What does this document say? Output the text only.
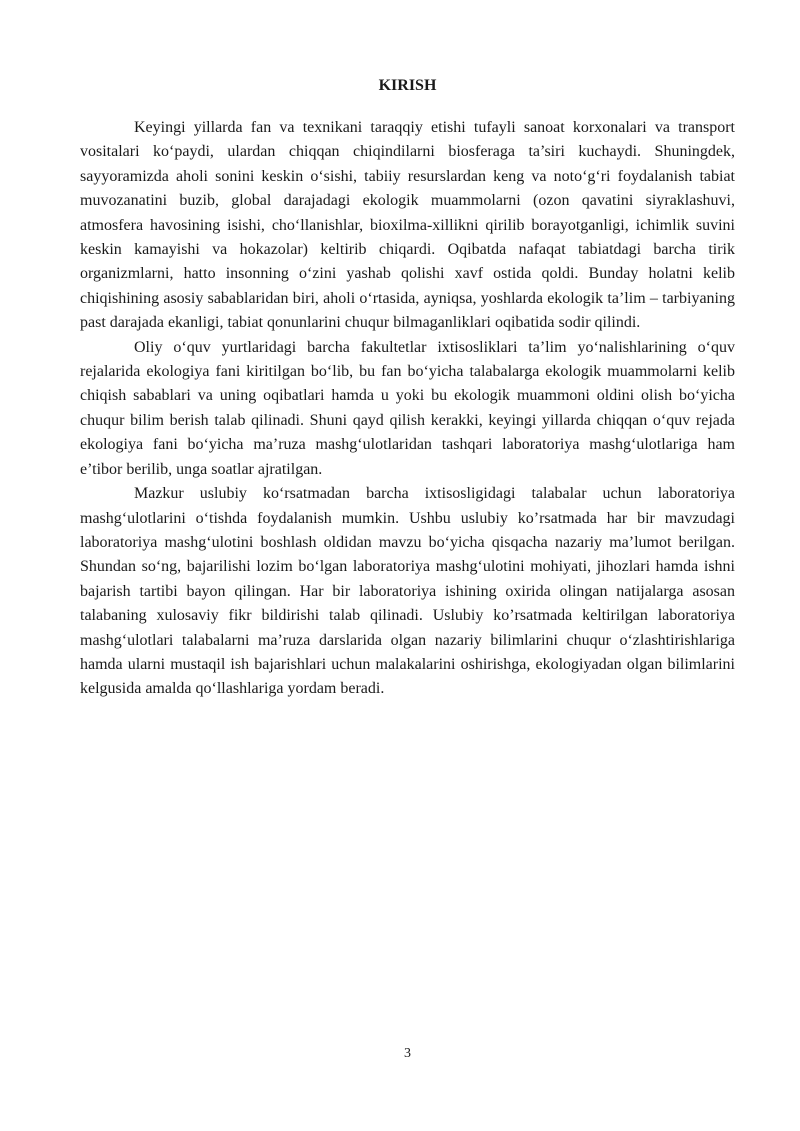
KIRISH

Keyingi yillarda fan va texnikani taraqqiy etishi tufayli sanoat korxonalari va transport vositalari ko‘paydi, ulardan chiqqan chiqindilarni biosferaga ta’siri kuchaydi. Shuningdek, sayyoramizda aholi sonini keskin o‘sishi, tabiiy resurslardan keng va noto‘g‘ri foydalanish tabiat muvozanatini buzib, global darajadagi ekologik muammolarni (ozon qavatini siyraklashuvi, atmosfera havosining isishi, cho‘llanishlar, bioxilma-xillikni qirilib borayotganligi, ichimlik suvini keskin kamayishi va hokazolar) keltirib chiqardi. Oqibatda nafaqat tabiatdagi barcha tirik organizmlarni, hatto insonning o‘zini yashab qolishi xavf ostida qoldi. Bunday holatni kelib chiqishining asosiy sabablaridan biri, aholi o‘rtasida, ayniqsa, yoshlarda ekologik ta’lim – tarbiyaning past darajada ekanligi, tabiat qonunlarini chuqur bilmaganliklari oqibatida sodir qilindi.

Oliy o‘quv yurtlaridagi barcha fakultetlar ixtisosliklari ta’lim yo‘nalishlarining o‘quv rejalarida ekologiya fani kiritilgan bo‘lib, bu fan bo‘yicha talabalarga ekologik muammolarni kelib chiqish sabablari va uning oqibatlari hamda u yoki bu ekologik muammoni oldini olish bo‘yicha chuqur bilim berish talab qilinadi. Shuni qayd qilish kerakki, keyingi yillarda chiqqan o‘quv rejada ekologiya fani bo‘yicha ma’ruza mashg‘ulotlaridan tashqari laboratoriya mashg‘ulotlariga ham e’tibor berilib, unga soatlar ajratilgan.

Mazkur uslubiy ko‘rsatmadan barcha ixtisosligidagi talabalar uchun laboratoriya mashg‘ulotlarini o‘tishda foydalanish mumkin. Ushbu uslubiy ko’rsatmada har bir mavzudagi laboratoriya mashg‘ulotini boshlash oldidan mavzu bo‘yicha qisqacha nazariy ma’lumot berilgan. Shundan so‘ng, bajarilishi lozim bo‘lgan laboratoriya mashg‘ulotini mohiyati, jihozlari hamda ishni bajarish tartibi bayon qilingan. Har bir laboratoriya ishining oxirida olingan natijalarga asosan talabaning xulosaviy fikr bildirishi talab qilinadi. Uslubiy ko’rsatmada keltirilgan laboratoriya mashg‘ulotlari talabalarni ma’ruza darslarida olgan nazariy bilimlarini chuqur o‘zlashtirishlariga hamda ularni mustaqil ish bajarishlari uchun malakalarini oshirishga, ekologiyadan olgan bilimlarini kelgusida amalda qo‘llashlariga yordam beradi.

3
